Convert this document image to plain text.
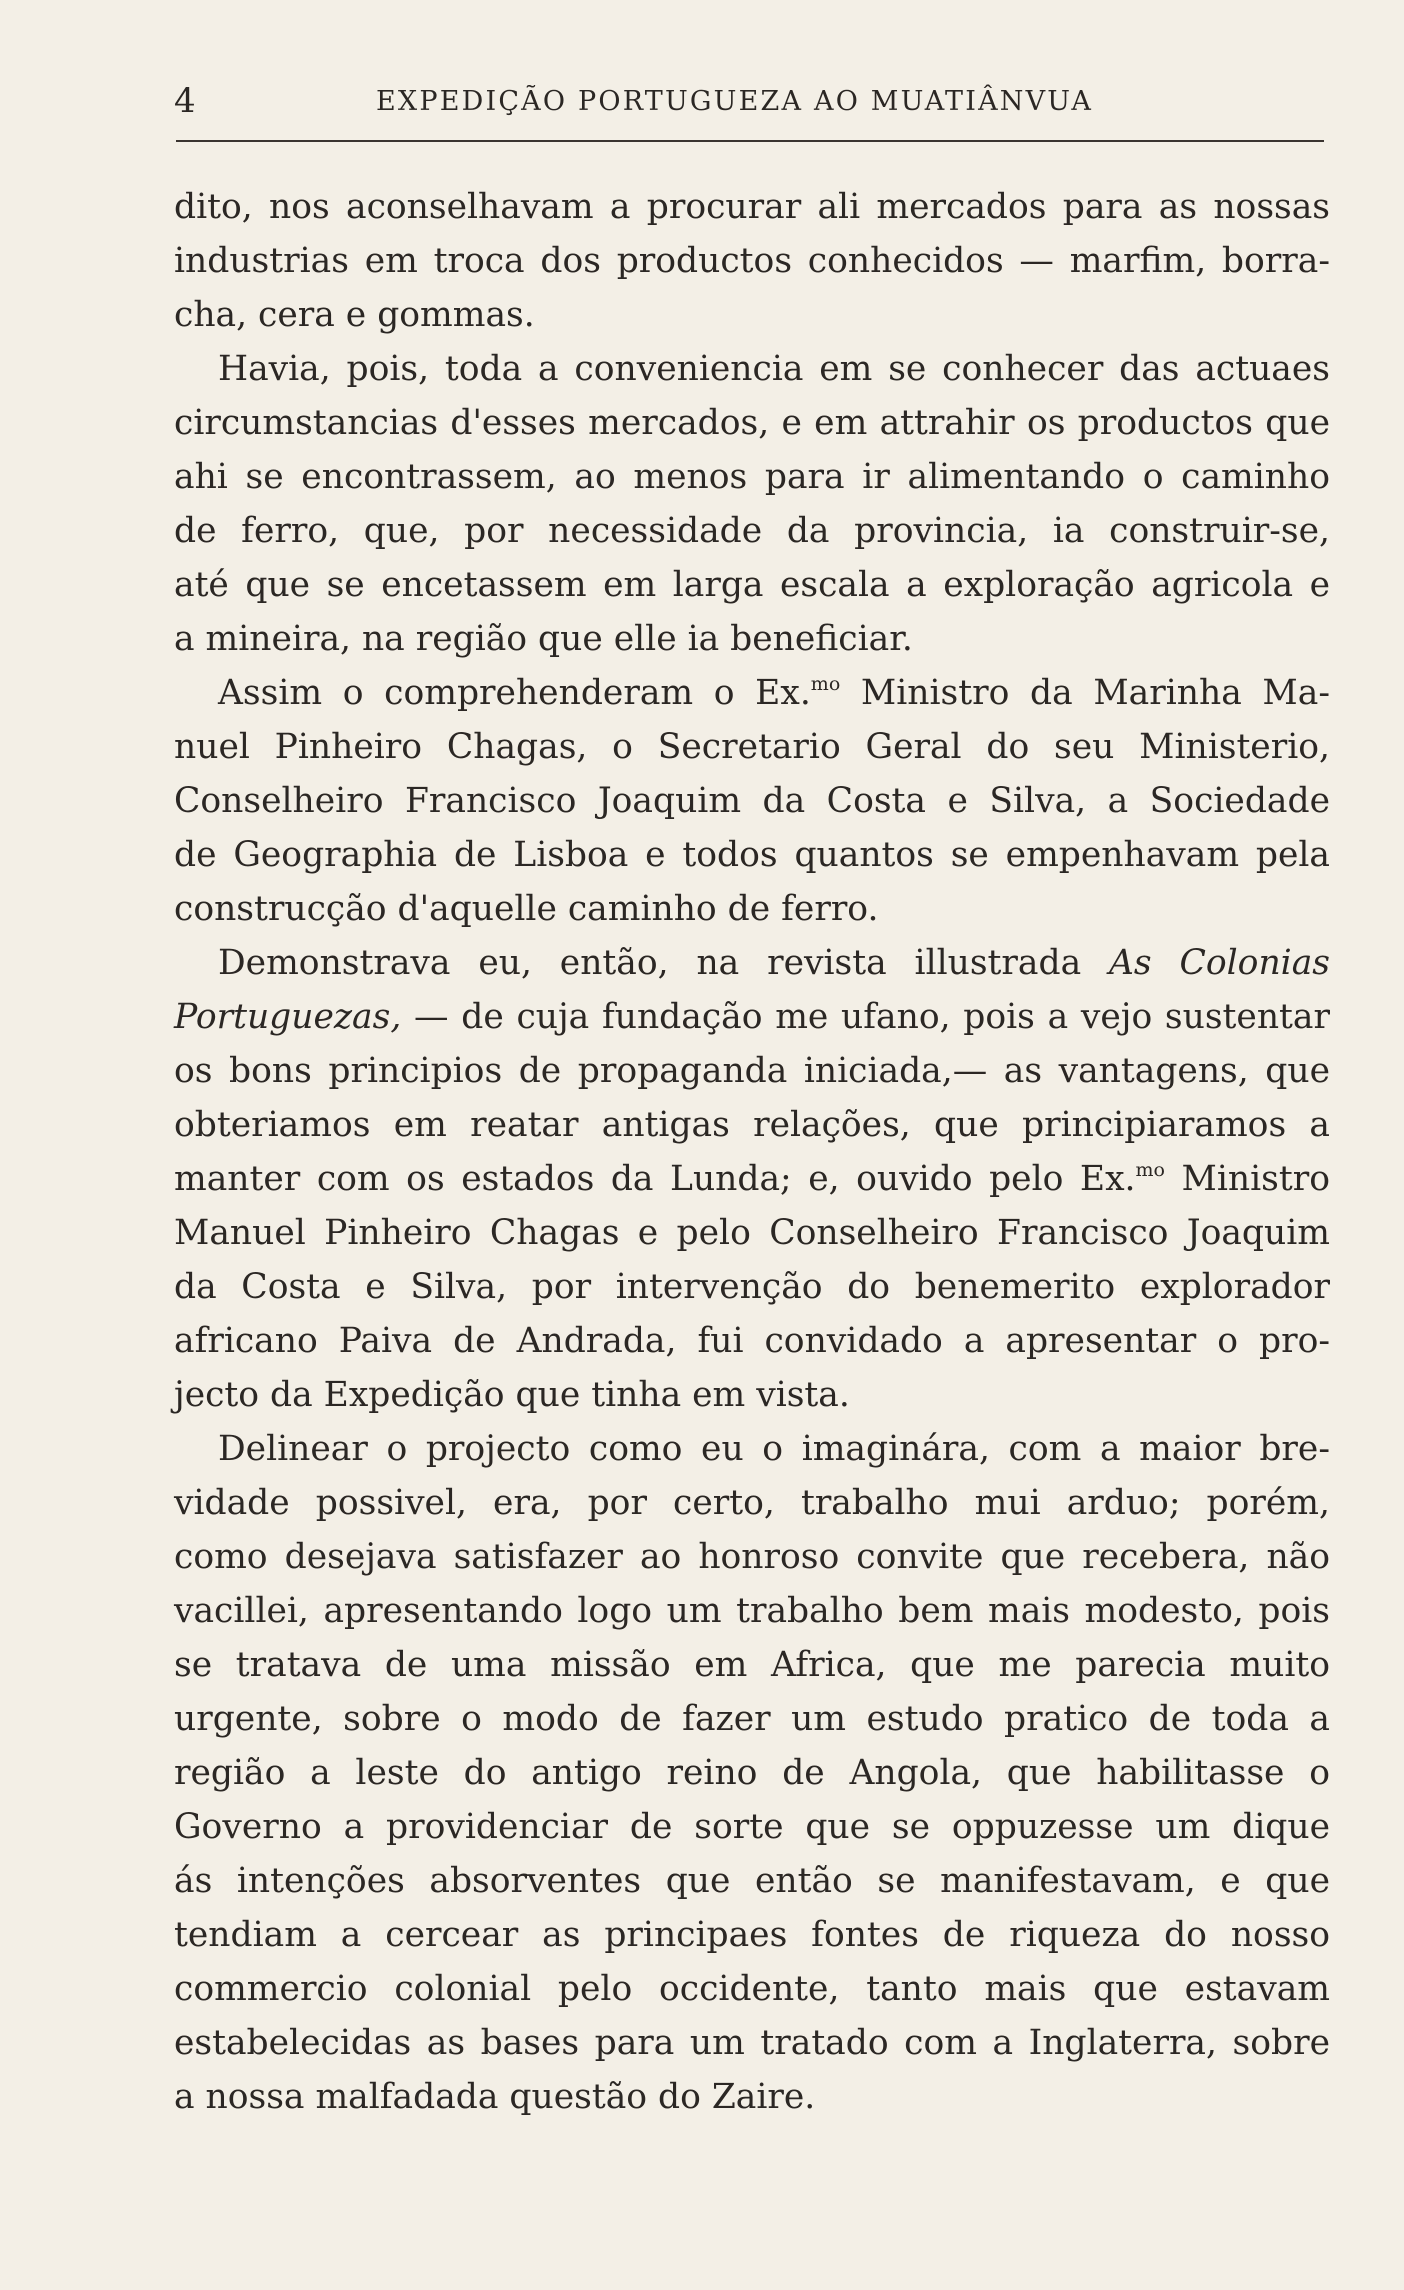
4	EXPEDIÇÃO PORTUGUEZA AO MUATIÂNVUA
dito, nos aconselhavam a procurar ali mercados para as nossas
industrias em troca dos productos conhecidos — marfim, borra-
cha, cera e gommas.
Havia, pois, toda a conveniencia em se conhecer das actuaes
circumstancias d'esses mercados, e em attrahir os productos que
ahi se encontrassem, ao menos para ir alimentando o caminho
de ferro, que, por necessidade da provincia, ia construir-se,
até que se encetassem em larga escala a exploração agricola e
a mineira, na região que elle ia beneficiar.
Assim o comprehenderam o Ex.$^{mo}$ Ministro da Marinha Ma-
nuel Pinheiro Chagas, o Secretario Geral do seu Ministerio,
Conselheiro Francisco Joaquim da Costa e Silva, a Sociedade
de Geographia de Lisboa e todos quantos se empenhavam pela
construcção d'aquelle caminho de ferro.
Demonstrava eu, então, na revista illustrada As Colonias
Portuguezas, — de cuja fundação me ufano, pois a vejo sustentar
os bons principios de propaganda iniciada,— as vantagens, que
obteriamos em reatar antigas relações, que principiaramos a
manter com os estados da Lunda; e, ouvido pelo Ex.$^{mo}$ Ministro
Manuel Pinheiro Chagas e pelo Conselheiro Francisco Joaquim
da Costa e Silva, por intervenção do benemerito explorador
africano Paiva de Andrada, fui convidado a apresentar o pro-
jecto da Expedição que tinha em vista.
Delinear o projecto como eu o imaginára, com a maior bre-
vidade possivel, era, por certo, trabalho mui arduo; porém,
como desejava satisfazer ao honroso convite que recebera, não
vacillei, apresentando logo um trabalho bem mais modesto, pois
se tratava de uma missão em Africa, que me parecia muito
urgente, sobre o modo de fazer um estudo pratico de toda a
região a leste do antigo reino de Angola, que habilitasse o
Governo a providenciar de sorte que se oppuzesse um dique
ás intenções absorventes que então se manifestavam, e que
tendiam a cercear as principaes fontes de riqueza do nosso
commercio colonial pelo occidente, tanto mais que estavam
estabelecidas as bases para um tratado com a Inglaterra, sobre
a nossa malfadada questão do Zaire.
